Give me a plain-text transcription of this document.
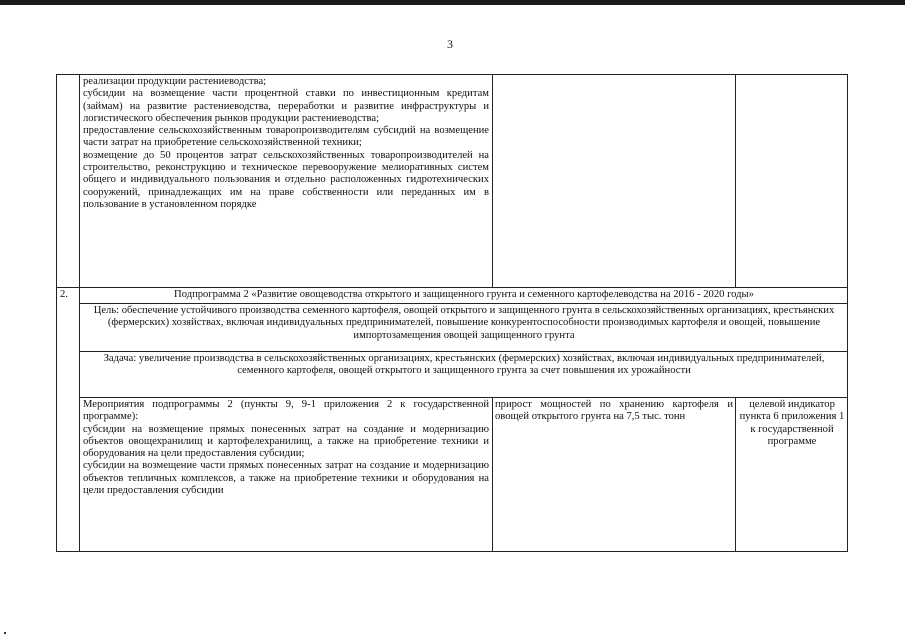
3

реализации продукции растениеводства;

субсидии на возмещение части процентной ставки по инвестиционным кредитам (займам) на развитие растениеводства, переработки и развитие инфраструктуры и логистического обеспечения рынков продукции растениеводства;

предоставление сельскохозяйственным товаропроизводителям субсидий на возмещение части затрат на приобретение сельскохозяйственной техники;

возмещение до 50 процентов затрат сельскохозяйственных товаропроизводителей на строительство, реконструкцию и техническое перевооружение мелиоративных систем общего и индивидуального пользования и отдельно расположенных гидротехнических сооружений, принадлежащих им на праве собственности или переданных им в пользование в установленном порядке

2.	Подпрограмма 2 «Развитие овощеводства открытого и защищенного грунта и семенного картофелеводства на 2016 - 2020 годы»
Цель: обеспечение устойчивого производства семенного картофеля, овощей открытого и защищенного грунта в сельскохозяйственных организациях, крестьянских (фермерских) хозяйствах, включая индивидуальных предпринимателей, повышение конкурентоспособности производимых картофеля и овощей, повышение импортозамещения овощей защищенного грунта
Задача: увеличение производства в сельскохозяйственных организациях, крестьянских (фермерских) хозяйствах, включая индивидуальных предпринимателей, семенного картофеля, овощей открытого и защищенного грунта за счет повышения их урожайности

Мероприятия подпрограммы 2 (пункты 9, 9-1 приложения 2 к государственной программе):

субсидии на возмещение прямых понесенных затрат на создание и модернизацию объектов овощехранилищ и картофелехранилищ, а также на приобретение техники и оборудования на цели предоставления субсидии;

субсидии на возмещение части прямых понесенных затрат на создание и модернизацию объектов тепличных комплексов, а также на приобретение техники и оборудования на цели предоставления субсидии

прирост мощностей по хранению картофеля и овощей открытого грунта на 7,5 тыс. тонн
целевой индикатор пункта 6 приложения 1 к государственной программе
